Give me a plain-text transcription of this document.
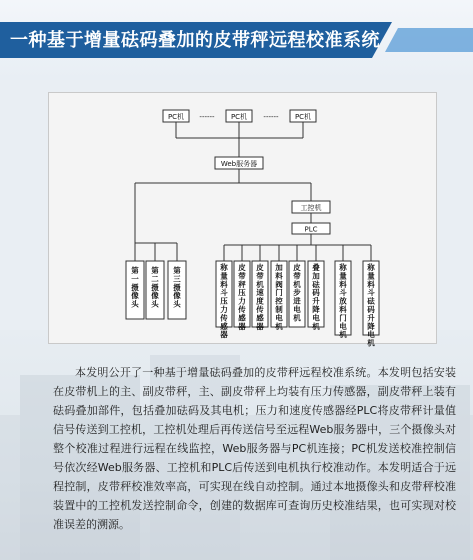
一种基于增量砝码叠加的皮带秤远程校准系统
PC机	PC机	PC机
------	------
Web服务器
工控机
PLC
第一摄像头
第二摄像头
第三摄像头
称量料斗压力传感器
皮带秤压力传感器
皮带机速度传感器
加料阀门控制电机
皮带机步进电机
叠加砝码升降电机
称量料斗放料门电机
称量料斗砝码升降电机

本发明公开了一种基于增量砝码叠加的皮带秤远程校准系统。本发明包括安装在皮带机上的主、副皮带秤，主、副皮带秤上均装有压力传感器，副皮带秤上装有砝码叠加部件，包括叠加砝码及其电机；压力和速度传感器经PLC将皮带秤计量值信号传送到工控机，工控机处理后再传送信号至远程Web服务器中，三个摄像头对整个校准过程进行远程在线监控，Web服务器与PC机连接；PC机发送校准控制信号依次经Web服务器、工控机和PLC后传送到电机执行校准动作。本发明适合于远程控制，皮带秤校准效率高，可实现在线自动控制。通过本地摄像头和皮带秤校准装置中的工控机发送控制命令，创建的数据库可查询历史校准结果，也可实现对校准误差的溯源。
